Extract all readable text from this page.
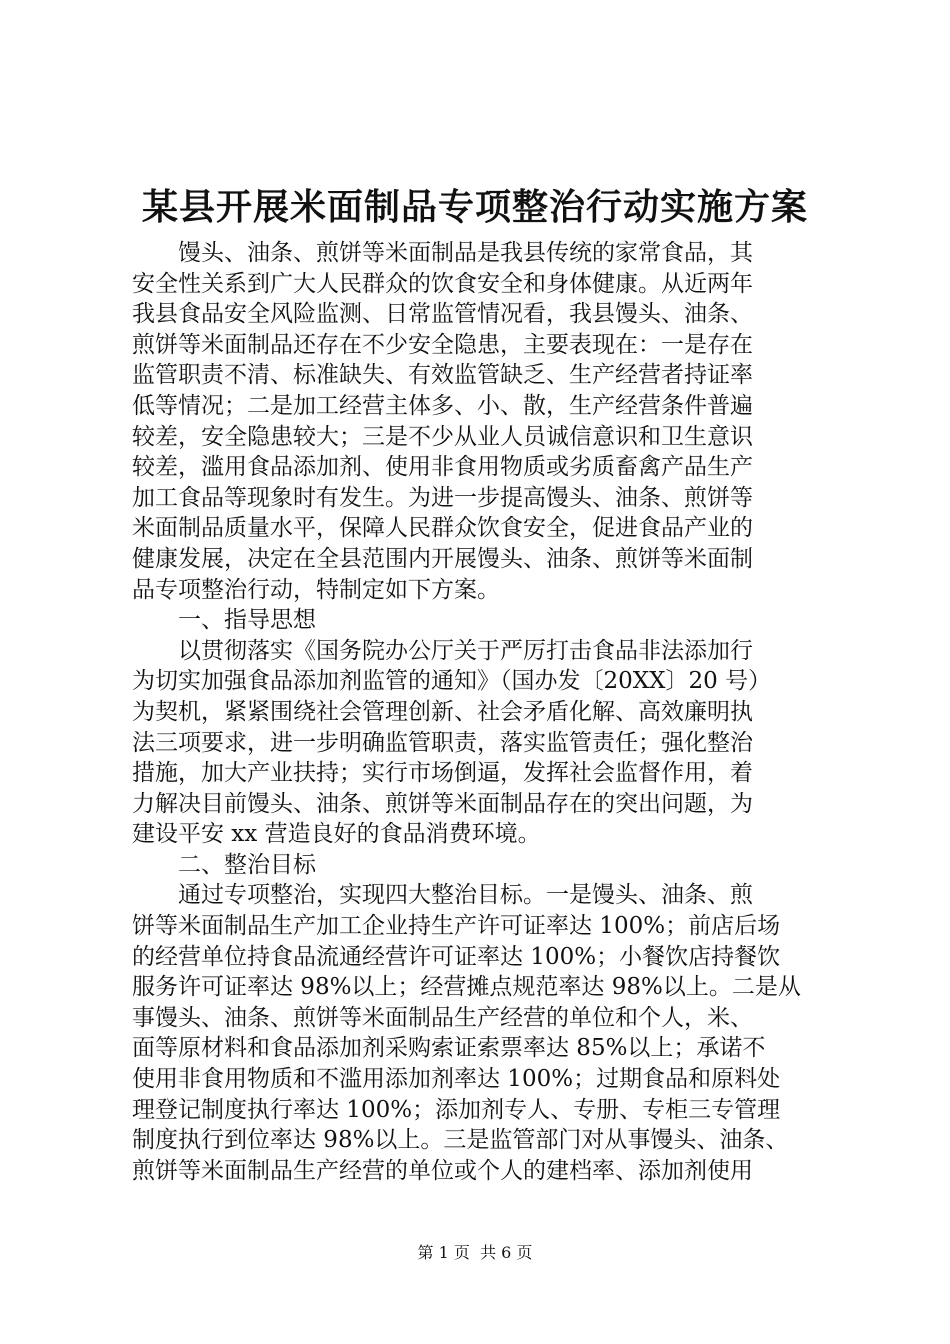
某县开展米面制品专项整治行动实施方案
　　馒头、油条、煎饼等米面制品是我县传统的家常食品，其
安全性关系到广大人民群众的饮食安全和身体健康。从近两年
我县食品安全风险监测、日常监管情况看，我县馒头、油条、
煎饼等米面制品还存在不少安全隐患，主要表现在：一是存在
监管职责不清、标准缺失、有效监管缺乏、生产经营者持证率
低等情况；二是加工经营主体多、小、散，生产经营条件普遍
较差，安全隐患较大；三是不少从业人员诚信意识和卫生意识
较差，滥用食品添加剂、使用非食用物质或劣质畜禽产品生产
加工食品等现象时有发生。为进一步提高馒头、油条、煎饼等
米面制品质量水平，保障人民群众饮食安全，促进食品产业的
健康发展，决定在全县范围内开展馒头、油条、煎饼等米面制
品专项整治行动，特制定如下方案。
　　一、指导思想
　　以贯彻落实《国务院办公厅关于严厉打击食品非法添加行
为切实加强食品添加剂监管的通知》（国办发〔20XX〕20 号）
为契机，紧紧围绕社会管理创新、社会矛盾化解、高效廉明执
法三项要求，进一步明确监管职责，落实监管责任；强化整治
措施，加大产业扶持；实行市场倒逼，发挥社会监督作用，着
力解决目前馒头、油条、煎饼等米面制品存在的突出问题，为
建设平安 xx 营造良好的食品消费环境。
　　二、整治目标
　　通过专项整治，实现四大整治目标。一是馒头、油条、煎
饼等米面制品生产加工企业持生产许可证率达 100%；前店后场
的经营单位持食品流通经营许可证率达 100%；小餐饮店持餐饮
服务许可证率达 98%以上；经营摊点规范率达 98%以上。二是从
事馒头、油条、煎饼等米面制品生产经营的单位和个人，米、
面等原材料和食品添加剂采购索证索票率达 85%以上；承诺不
使用非食用物质和不滥用添加剂率达 100%；过期食品和原料处
理登记制度执行率达 100%；添加剂专人、专册、专柜三专管理
制度执行到位率达 98%以上。三是监管部门对从事馒头、油条、
煎饼等米面制品生产经营的单位或个人的建档率、添加剂使用
第 1 页  共 6 页
